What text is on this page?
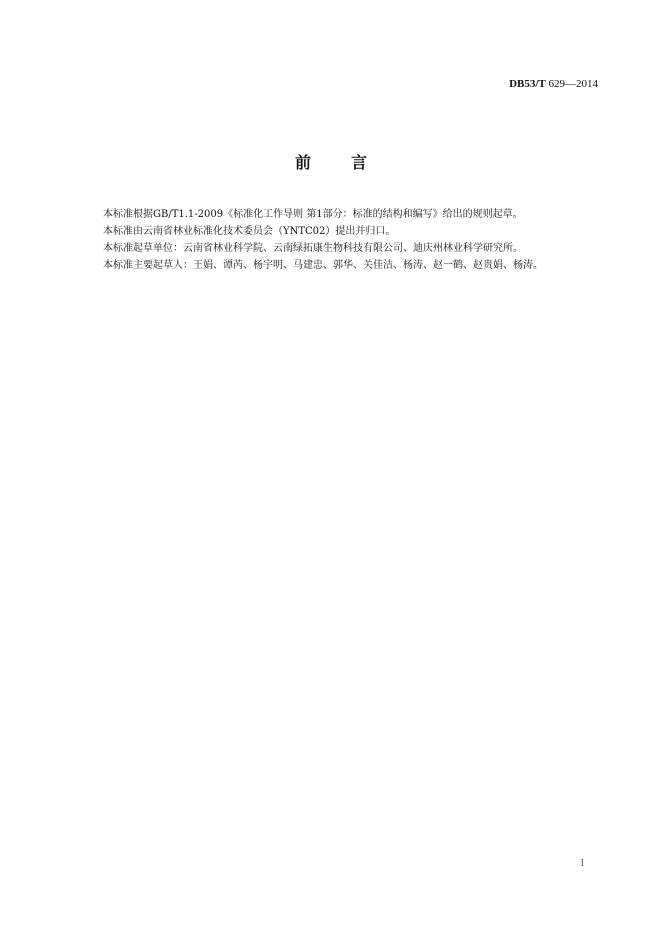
DB53/T 629—2014
前	言

本标准根据GB/T1.1-2009《标准化工作导则 第1部分：标准的结构和编写》给出的规则起草。

本标准由云南省林业标准化技术委员会（YNTC02）提出并归口。

本标准起草单位：云南省林业科学院、云南绿拓康生物科技有限公司、迪庆州林业科学研究所。

本标准主要起草人：王娟、谭芮、杨宇明、马建忠、郭华、关佳洁、杨涛、赵一鹤、赵贵娟、杨涛。

I
